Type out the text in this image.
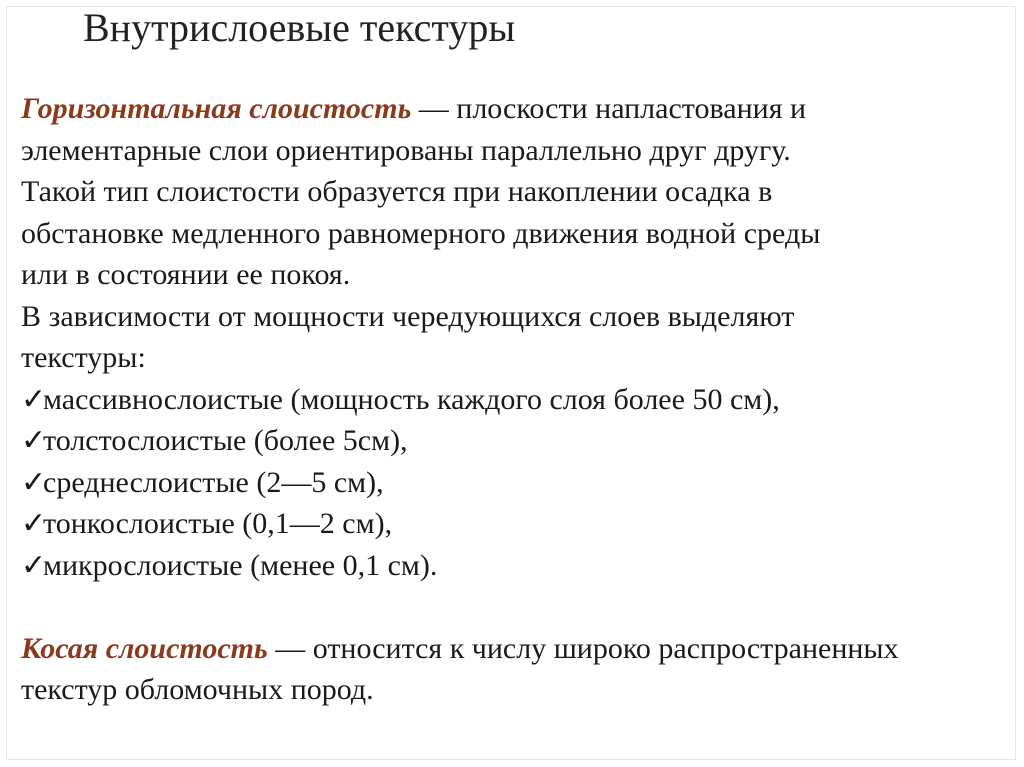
Внутрислоевые текстуры
Горизонтальная слоистость — плоскости напластования и
элементарные слои ориентированы параллельно друг другу.
Такой тип слоистости образуется при накоплении осадка в
обстановке медленного равномерного движения водной среды
или в состоянии ее покоя.
В зависимости от мощности чередующихся слоев выделяют
текстуры:
✓массивнослоистые (мощность каждого слоя более 50 см),
✓толстослоистые (более 5см),
✓среднеслоистые (2—5 см),
✓тонкослоистые (0,1—2 см),
✓микрослоистые (менее 0,1 см).
Косая слоистость — относится к числу широко распространенных
текстур обломочных пород.
